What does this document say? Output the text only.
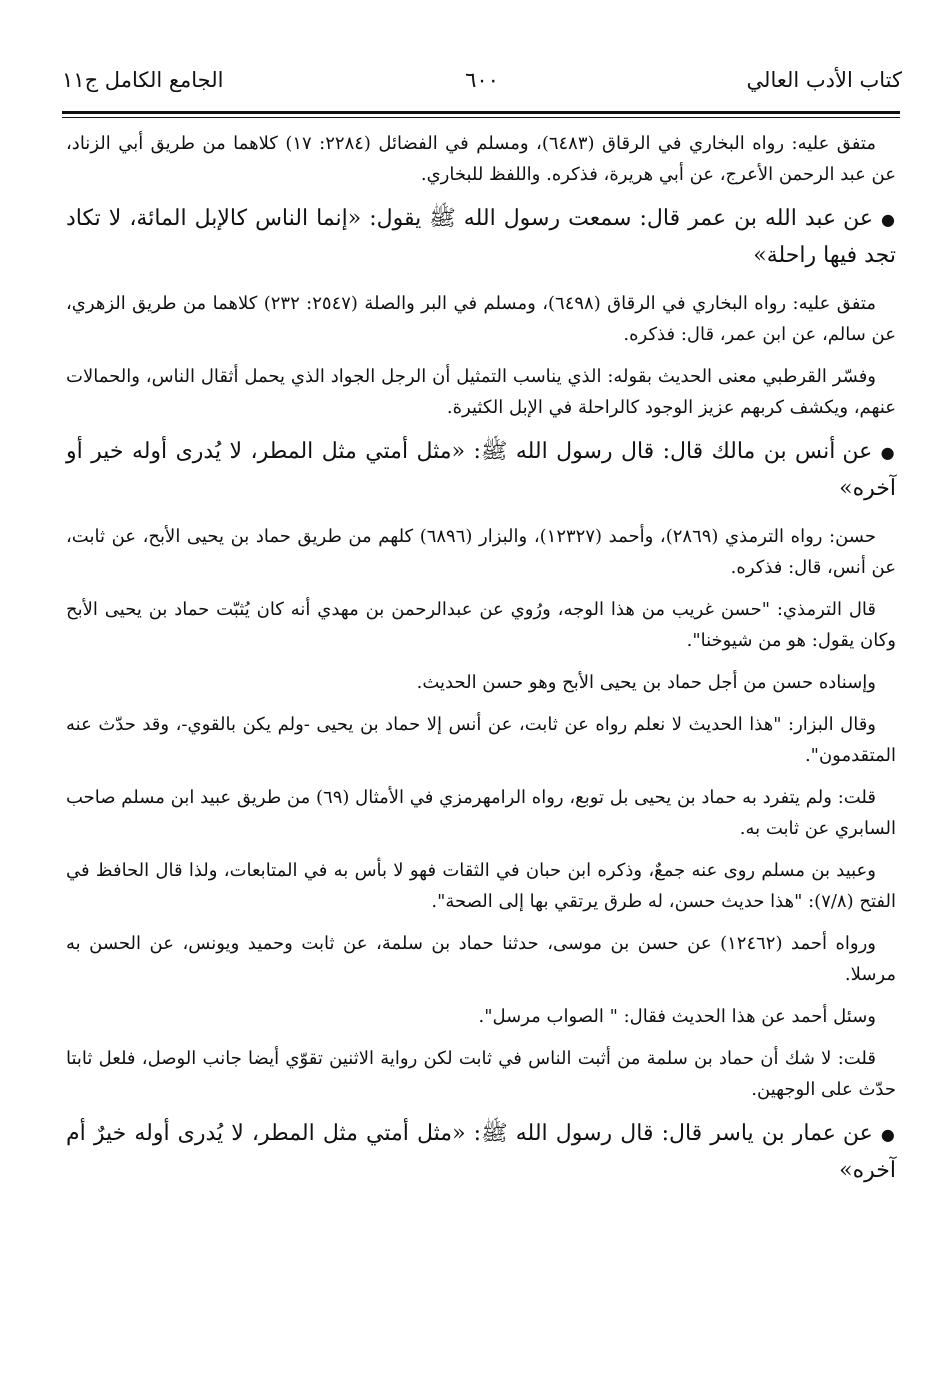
كتاب الأدب العالي
٦٠٠
الجامع الكامل ج١١

متفق عليه: رواه البخاري في الرقاق (٦٤٨٣)، ومسلم في الفضائل (٢٢٨٤: ١٧) كلاهما من طريق أبي الزناد، عن عبد الرحمن الأعرج، عن أبي هريرة، فذكره. واللفظ للبخاري.

● عن عبد الله بن عمر قال: سمعت رسول الله ﷺ يقول: «إنما الناس كالإبل المائة، لا تكاد تجد فيها راحلة»

متفق عليه: رواه البخاري في الرقاق (٦٤٩٨)، ومسلم في البر والصلة (٢٥٤٧: ٢٣٢) كلاهما من طريق الزهري، عن سالم، عن ابن عمر، قال: فذكره.

وفسّر القرطبي معنى الحديث بقوله: الذي يناسب التمثيل أن الرجل الجواد الذي يحمل أثقال الناس، والحمالات عنهم، ويكشف كربهم عزيز الوجود كالراحلة في الإبل الكثيرة.

● عن أنس بن مالك قال: قال رسول الله ﷺ: «مثل أمتي مثل المطر، لا يُدرى أوله خير أو آخره»

حسن: رواه الترمذي (٢٨٦٩)، وأحمد (١٢٣٢٧)، والبزار (٦٨٩٦) كلهم من طريق حماد بن يحيى الأبح، عن ثابت، عن أنس، قال: فذكره.

قال الترمذي: "حسن غريب من هذا الوجه، ورُوي عن عبدالرحمن بن مهدي أنه كان يُثبّت حماد بن يحيى الأبح وكان يقول: هو من شيوخنا".

وإسناده حسن من أجل حماد بن يحيى الأبح وهو حسن الحديث.

وقال البزار: "هذا الحديث لا نعلم رواه عن ثابت، عن أنس إلا حماد بن يحيى -ولم يكن بالقوي-، وقد حدّث عنه المتقدمون".

قلت: ولم يتفرد به حماد بن يحيى بل توبع، رواه الرامهرمزي في الأمثال (٦٩) من طريق عبيد ابن مسلم صاحب السابري عن ثابت به.

وعبيد بن مسلم روى عنه جمعٌ، وذكره ابن حبان في الثقات فهو لا بأس به في المتابعات، ولذا قال الحافظ في الفتح (٧/٨): "هذا حديث حسن، له طرق يرتقي بها إلى الصحة".

ورواه أحمد (١٢٤٦٢) عن حسن بن موسى، حدثنا حماد بن سلمة، عن ثابت وحميد ويونس، عن الحسن به مرسلا.

وسئل أحمد عن هذا الحديث فقال: " الصواب مرسل".

قلت: لا شك أن حماد بن سلمة من أثبت الناس في ثابت لكن رواية الاثنين تقوّي أيضا جانب الوصل، فلعل ثابتا حدّث على الوجهين.

● عن عمار بن ياسر قال: قال رسول الله ﷺ: «مثل أمتي مثل المطر، لا يُدرى أوله خيرٌ أم آخره»
